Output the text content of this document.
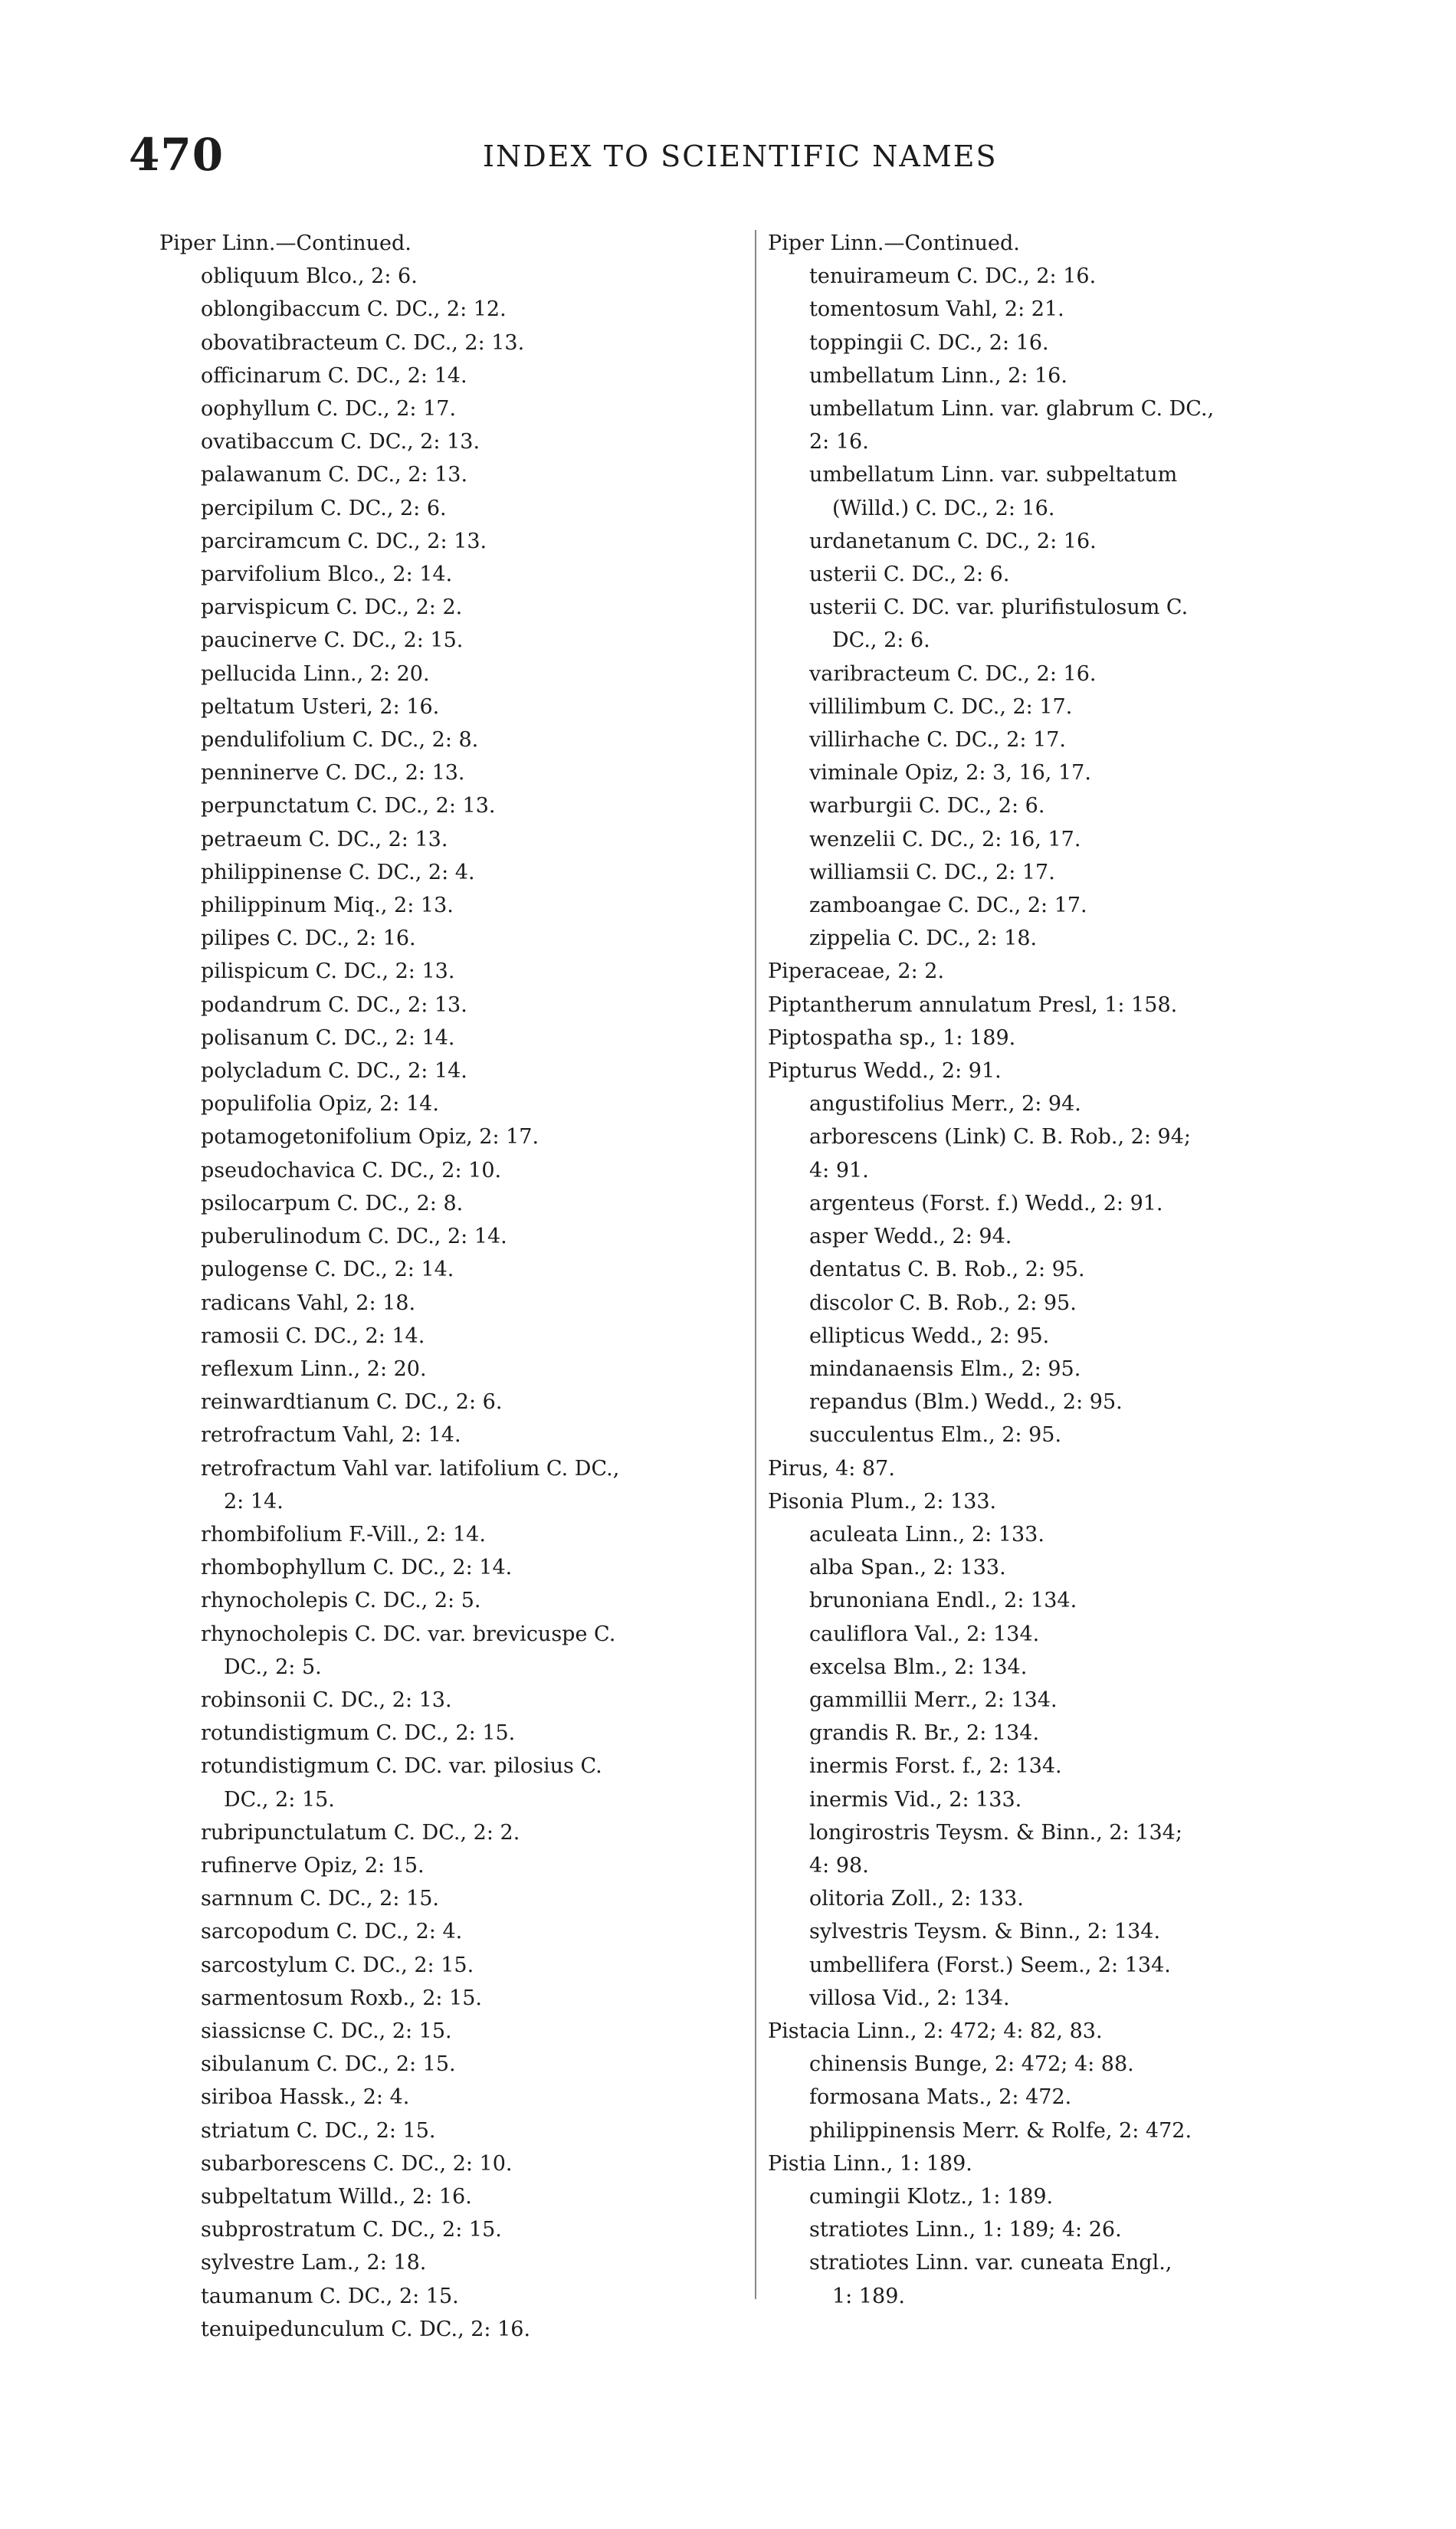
470	INDEX TO SCIENTIFIC NAMES
Piper Linn.—Continued.
obliquum Blco., 2: 6.
oblongibaccum C. DC., 2: 12.
obovatibracteum C. DC., 2: 13.
officinarum C. DC., 2: 14.
oophyllum C. DC., 2: 17.
ovatibaccum C. DC., 2: 13.
palawanum C. DC., 2: 13.
percipilum C. DC., 2: 6.
parciramcum C. DC., 2: 13.
parvifolium Blco., 2: 14.
parvispicum C. DC., 2: 2.
paucinerve C. DC., 2: 15.
pellucida Linn., 2: 20.
peltatum Usteri, 2: 16.
pendulifolium C. DC., 2: 8.
penninerve C. DC., 2: 13.
perpunctatum C. DC., 2: 13.
petraeum C. DC., 2: 13.
philippinense C. DC., 2: 4.
philippinum Miq., 2: 13.
pilipes C. DC., 2: 16.
pilispicum C. DC., 2: 13.
podandrum C. DC., 2: 13.
polisanum C. DC., 2: 14.
polycladum C. DC., 2: 14.
populifolia Opiz, 2: 14.
potamogetonifolium Opiz, 2: 17.
pseudochavica C. DC., 2: 10.
psilocarpum C. DC., 2: 8.
puberulinodum C. DC., 2: 14.
pulogense C. DC., 2: 14.
radicans Vahl, 2: 18.
ramosii C. DC., 2: 14.
reflexum Linn., 2: 20.
reinwardtianum C. DC., 2: 6.
retrofractum Vahl, 2: 14.
retrofractum Vahl var. latifolium C. DC.,
2: 14.
rhombifolium F.-Vill., 2: 14.
rhombophyllum C. DC., 2: 14.
rhynocholepis C. DC., 2: 5.
rhynocholepis C. DC. var. brevicuspe C.
DC., 2: 5.
robinsonii C. DC., 2: 13.
rotundistigmum C. DC., 2: 15.
rotundistigmum C. DC. var. pilosius C.
DC., 2: 15.
rubripunctulatum C. DC., 2: 2.
rufinerve Opiz, 2: 15.
sarnnum C. DC., 2: 15.
sarcopodum C. DC., 2: 4.
sarcostylum C. DC., 2: 15.
sarmentosum Roxb., 2: 15.
siassicnse C. DC., 2: 15.
sibulanum C. DC., 2: 15.
siriboa Hassk., 2: 4.
striatum C. DC., 2: 15.
subarborescens C. DC., 2: 10.
subpeltatum Willd., 2: 16.
subprostratum C. DC., 2: 15.
sylvestre Lam., 2: 18.
taumanum C. DC., 2: 15.
tenuipedunculum C. DC., 2: 16.
Piper Linn.—Continued.
tenuirameum C. DC., 2: 16.
tomentosum Vahl, 2: 21.
toppingii C. DC., 2: 16.
umbellatum Linn., 2: 16.
umbellatum Linn. var. glabrum C. DC.,
2: 16.
umbellatum Linn. var. subpeltatum
(Willd.) C. DC., 2: 16.
urdanetanum C. DC., 2: 16.
usterii C. DC., 2: 6.
usterii C. DC. var. plurifistulosum C.
DC., 2: 6.
varibracteum C. DC., 2: 16.
villilimbum C. DC., 2: 17.
villirhache C. DC., 2: 17.
viminale Opiz, 2: 3, 16, 17.
warburgii C. DC., 2: 6.
wenzelii C. DC., 2: 16, 17.
williamsii C. DC., 2: 17.
zamboangae C. DC., 2: 17.
zippelia C. DC., 2: 18.
Piperaceae, 2: 2.
Piptantherum annulatum Presl, 1: 158.
Piptospatha sp., 1: 189.
Pipturus Wedd., 2: 91.
angustifolius Merr., 2: 94.
arborescens (Link) C. B. Rob., 2: 94;
4: 91.
argenteus (Forst. f.) Wedd., 2: 91.
asper Wedd., 2: 94.
dentatus C. B. Rob., 2: 95.
discolor C. B. Rob., 2: 95.
ellipticus Wedd., 2: 95.
mindanaensis Elm., 2: 95.
repandus (Blm.) Wedd., 2: 95.
succulentus Elm., 2: 95.
Pirus, 4: 87.
Pisonia Plum., 2: 133.
aculeata Linn., 2: 133.
alba Span., 2: 133.
brunoniana Endl., 2: 134.
cauliflora Val., 2: 134.
excelsa Blm., 2: 134.
gammillii Merr., 2: 134.
grandis R. Br., 2: 134.
inermis Forst. f., 2: 134.
inermis Vid., 2: 133.
longirostris Teysm. & Binn., 2: 134;
4: 98.
olitoria Zoll., 2: 133.
sylvestris Teysm. & Binn., 2: 134.
umbellifera (Forst.) Seem., 2: 134.
villosa Vid., 2: 134.
Pistacia Linn., 2: 472; 4: 82, 83.
chinensis Bunge, 2: 472; 4: 88.
formosana Mats., 2: 472.
philippinensis Merr. & Rolfe, 2: 472.
Pistia Linn., 1: 189.
cumingii Klotz., 1: 189.
stratiotes Linn., 1: 189; 4: 26.
stratiotes Linn. var. cuneata Engl.,
1: 189.
